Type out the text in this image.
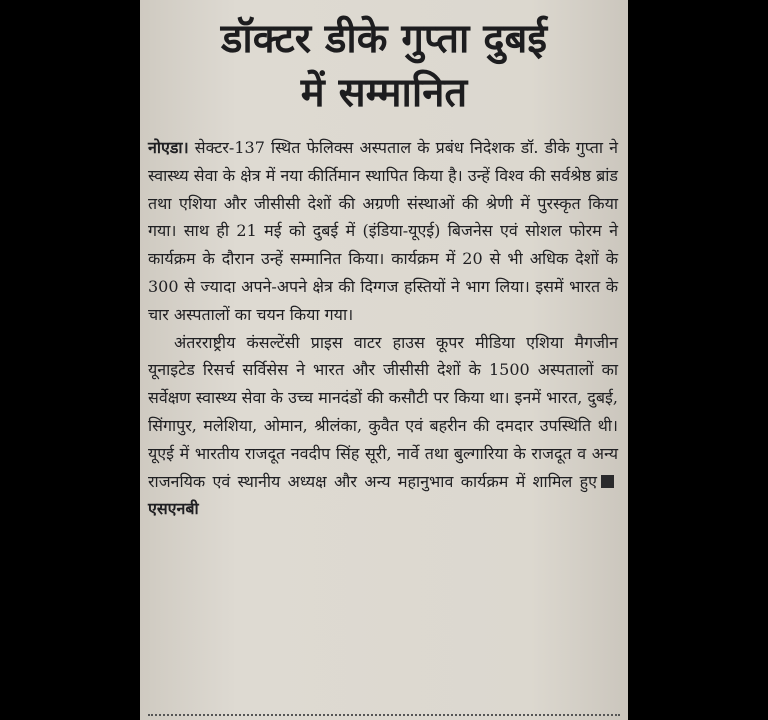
डॉक्टर डीके गुप्ता दुबई
में सम्मानित

नोएडा। सेक्टर-137 स्थित फेलिक्स अस्पताल के प्रबंध निदेशक डॉ. डीके गुप्ता ने स्वास्थ्य सेवा के क्षेत्र में नया कीर्तिमान स्थापित किया है। उन्हें विश्व की सर्वश्रेष्ठ ब्रांड तथा एशिया और जीसीसी देशों की अग्रणी संस्थाओं की श्रेणी में पुरस्कृत किया गया। साथ ही 21 मई को दुबई में (इंडिया-यूएई) बिजनेस एवं सोशल फोरम ने कार्यक्रम के दौरान उन्हें सम्मानित किया। कार्यक्रम में 20 से भी अधिक देशों के 300 से ज्यादा अपने-अपने क्षेत्र की दिग्गज हस्तियों ने भाग लिया। इसमें भारत के चार अस्पतालों का चयन किया गया।

अंतरराष्ट्रीय कंसल्टेंसी प्राइस वाटर हाउस कूपर मीडिया एशिया मैगजीन यूनाइटेड रिसर्च सर्विसेस ने भारत और जीसीसी देशों के 1500 अस्पतालों का सर्वेक्षण स्वास्थ्य सेवा के उच्च मानदंडों की कसौटी पर किया था। इनमें भारत, दुबई, सिंगापुर, मलेशिया, ओमान, श्रीलंका, कुवैत एवं बहरीन की दमदार उपस्थिति थी। यूएई में भारतीय राजदूत नवदीप सिंह सूरी, नार्वे तथा बुल्गारिया के राजदूत व अन्य राजनयिक एवं स्थानीय अध्यक्ष और अन्य महानुभाव कार्यक्रम में शामिल हुएएसएनबी
